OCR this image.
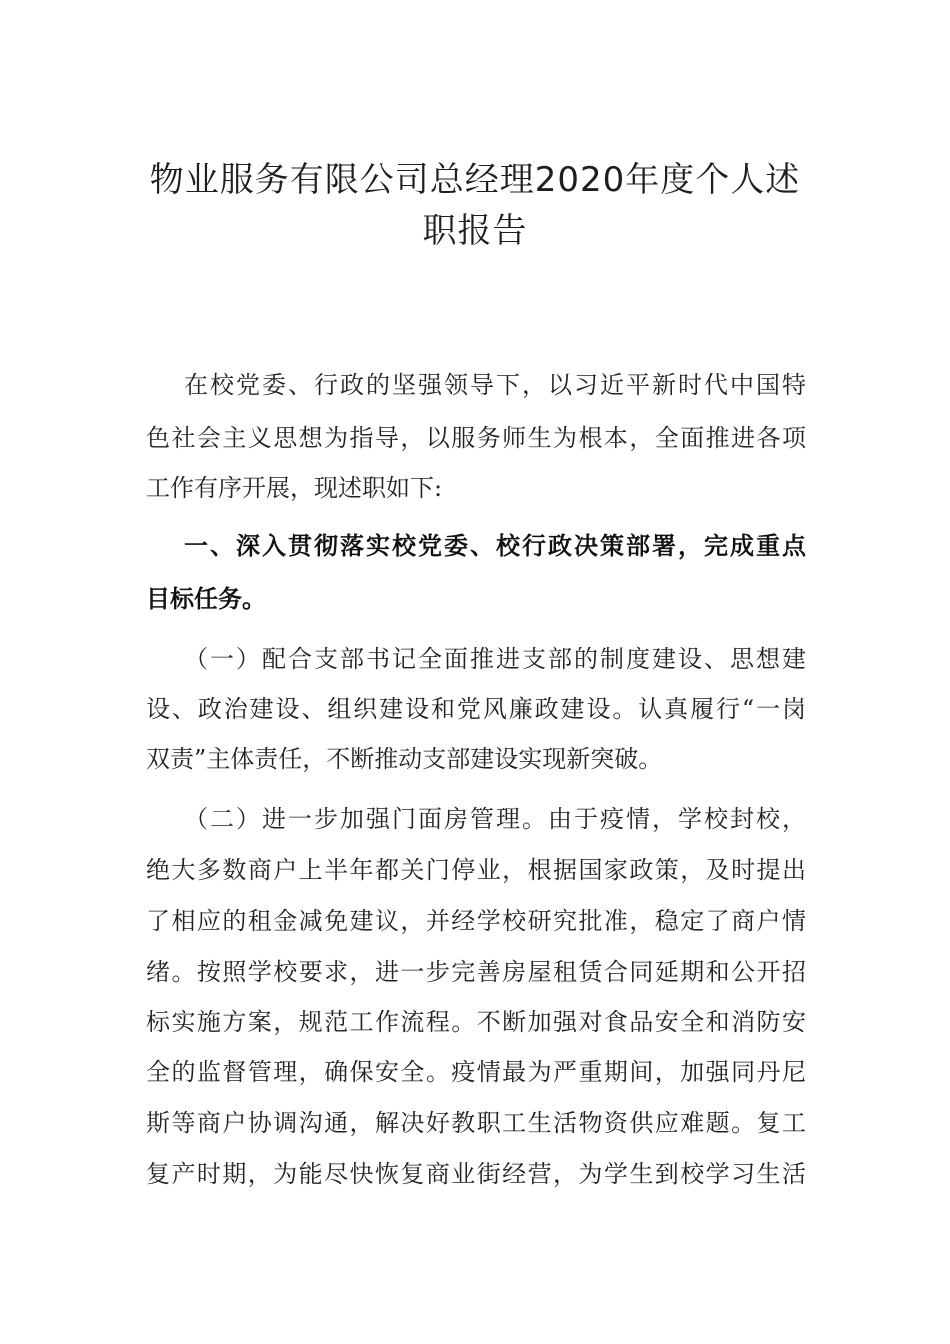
物业服务有限公司总经理2020年度个人述
职报告
在校党委、行政的坚强领导下，以习近平新时代中国特
色社会主义思想为指导，以服务师生为根本，全面推进各项
工作有序开展，现述职如下:
一、深入贯彻落实校党委、校行政决策部署，完成重点
目标任务。
（一）配合支部书记全面推进支部的制度建设、思想建
设、政治建设、组织建设和党风廉政建设。认真履行“一岗
双责”主体责任，不断推动支部建设实现新突破。
（二）进一步加强门面房管理。由于疫情，学校封校，
绝大多数商户上半年都关门停业，根据国家政策，及时提出
了相应的租金减免建议，并经学校研究批准，稳定了商户情
绪。按照学校要求，进一步完善房屋租赁合同延期和公开招
标实施方案，规范工作流程。不断加强对食品安全和消防安
全的监督管理，确保安全。疫情最为严重期间，加强同丹尼
斯等商户协调沟通，解决好教职工生活物资供应难题。复工
复产时期，为能尽快恢复商业街经营，为学生到校学习生活
